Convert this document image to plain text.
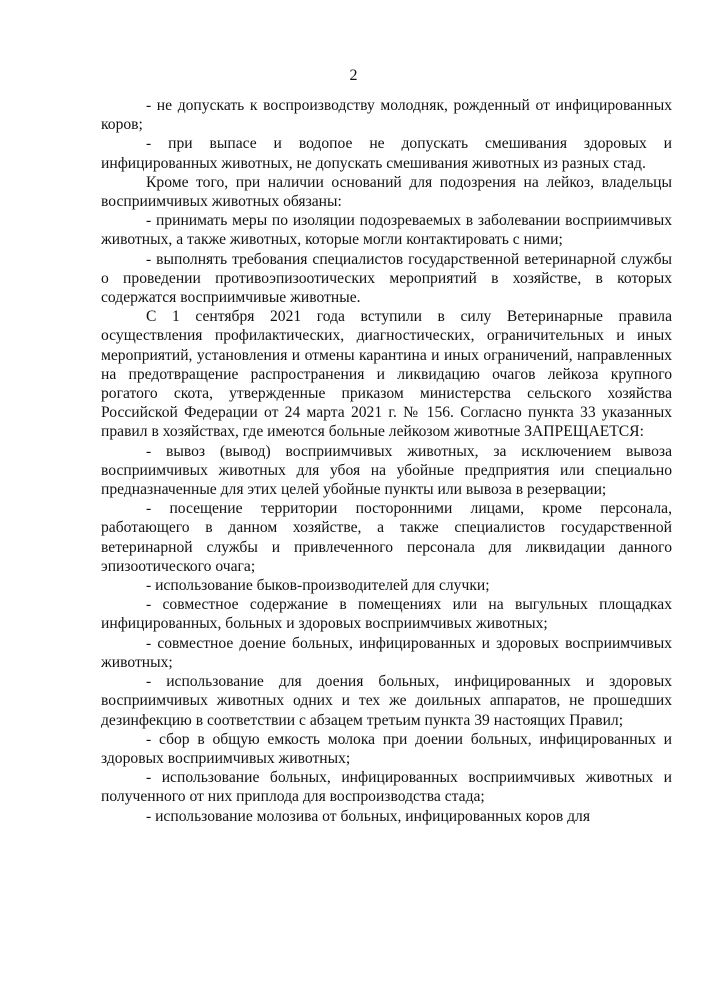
2

- не допускать к воспроизводству молодняк, рожденный от инфицированных коров;

- при выпасе и водопое не допускать смешивания здоровых и инфицированных животных, не допускать смешивания животных из разных стад.

Кроме того, при наличии оснований для подозрения на лейкоз, владельцы восприимчивых животных обязаны:

- принимать меры по изоляции подозреваемых в заболевании восприимчивых животных, а также животных, которые могли контактировать с ними;

- выполнять требования специалистов государственной ветеринарной службы о проведении противоэпизоотических мероприятий в хозяйстве, в которых содержатся восприимчивые животные.

С 1 сентября 2021 года вступили в силу Ветеринарные правила осуществления профилактических, диагностических, ограничительных и иных мероприятий, установления и отмены карантина и иных ограничений, направленных на предотвращение распространения и ликвидацию очагов лейкоза крупного рогатого скота, утвержденные приказом министерства сельского хозяйства Российской Федерации от 24 марта 2021 г. № 156. Согласно пункта 33 указанных правил в хозяйствах, где имеются больные лейкозом животные ЗАПРЕЩАЕТСЯ:

- вывоз (вывод) восприимчивых животных, за исключением вывоза восприимчивых животных для убоя на убойные предприятия или специально предназначенные для этих целей убойные пункты или вывоза в резервации;

- посещение территории посторонними лицами, кроме персонала, работающего в данном хозяйстве, а также специалистов государственной ветеринарной службы и привлеченного персонала для ликвидации данного эпизоотического очага;

- использование быков-производителей для случки;

- совместное содержание в помещениях или на выгульных площадках инфицированных, больных и здоровых восприимчивых животных;

- совместное доение больных, инфицированных и здоровых восприимчивых животных;

- использование для доения больных, инфицированных и здоровых восприимчивых животных одних и тех же доильных аппаратов, не прошедших дезинфекцию в соответствии с абзацем третьим пункта 39 настоящих Правил;

- сбор в общую емкость молока при доении больных, инфицированных и здоровых восприимчивых животных;

- использование больных, инфицированных восприимчивых животных и полученного от них приплода для воспроизводства стада;

- использование молозива от больных, инфицированных коров для
